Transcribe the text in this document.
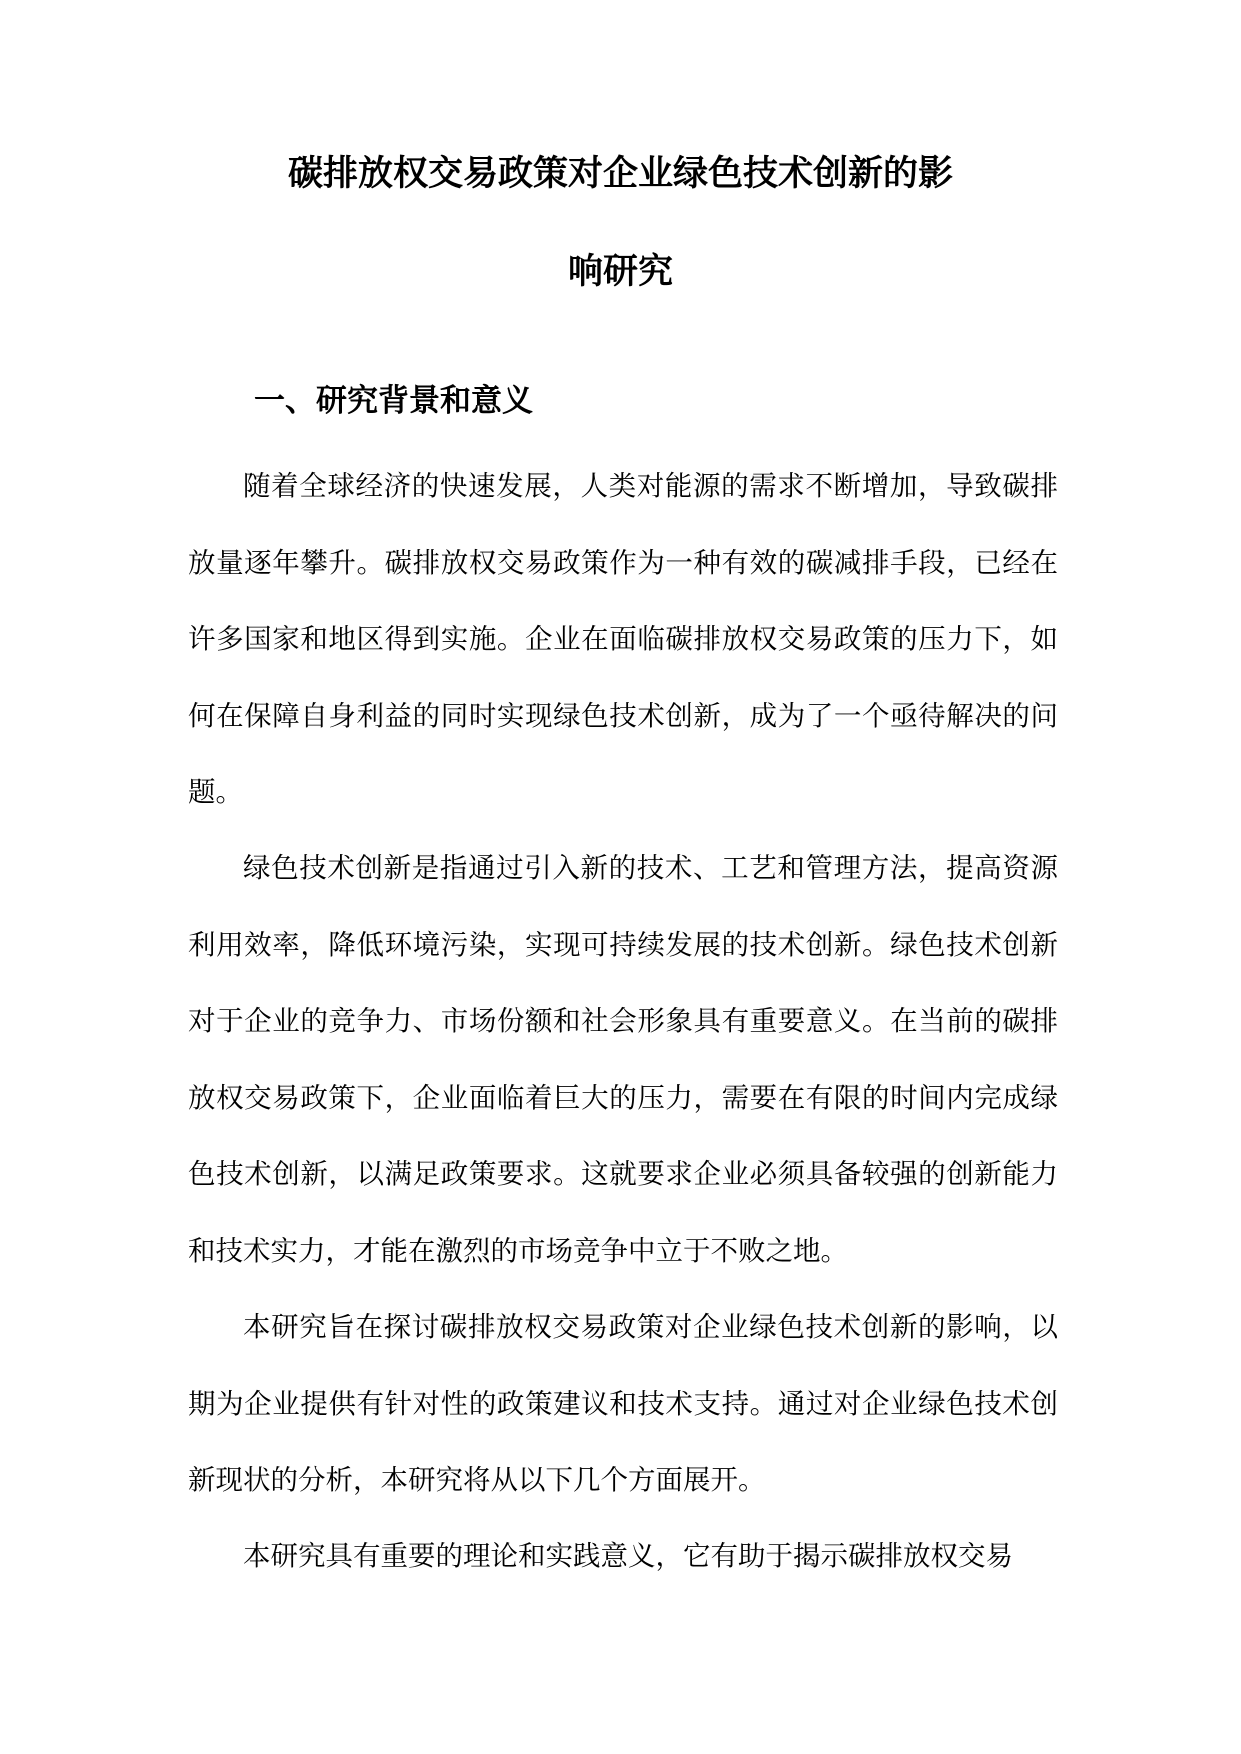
碳排放权交易政策对企业绿色技术创新的影
响研究
一、研究背景和意义

随着全球经济的快速发展，人类对能源的需求不断增加，导致碳排放量逐年攀升。碳排放权交易政策作为一种有效的碳减排手段，已经在许多国家和地区得到实施。企业在面临碳排放权交易政策的压力下，如何在保障自身利益的同时实现绿色技术创新，成为了一个亟待解决的问题。

绿色技术创新是指通过引入新的技术、工艺和管理方法，提高资源利用效率，降低环境污染，实现可持续发展的技术创新。绿色技术创新对于企业的竞争力、市场份额和社会形象具有重要意义。在当前的碳排放权交易政策下，企业面临着巨大的压力，需要在有限的时间内完成绿色技术创新，以满足政策要求。这就要求企业必须具备较强的创新能力和技术实力，才能在激烈的市场竞争中立于不败之地。

本研究旨在探讨碳排放权交易政策对企业绿色技术创新的影响，以期为企业提供有针对性的政策建议和技术支持。通过对企业绿色技术创新现状的分析，本研究将从以下几个方面展开。

本研究具有重要的理论和实践意义，它有助于揭示碳排放权交易
